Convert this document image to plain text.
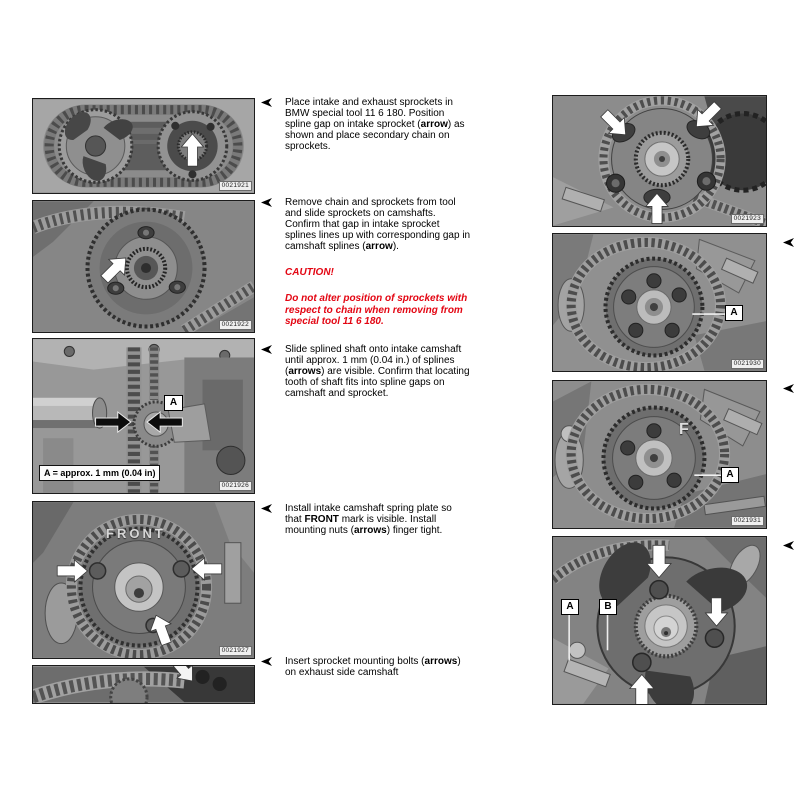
0021921
0021922
A
A = approx. 1 mm (0.04 in)
0021926
FRONT
0021927
Place intake and exhaust sprockets in BMW special tool 11 6 180. Position spline gap on intake sprocket (arrow) as shown and place secondary chain on sprockets.
Remove chain and sprockets from tool and slide sprockets on camshafts. Confirm that gap in intake sprocket splines lines up with corresponding gap in camshaft splines (arrow).
CAUTION!
Do not alter position of sprockets with respect to chain when removing from special tool 11 6 180.
Slide splined shaft onto intake camshaft until approx. 1 mm (0.04 in.) of splines (arrows) are visible. Confirm that locating tooth of shaft fits into spline gaps on camshaft and sprocket.
Install intake camshaft spring plate so that FRONT mark is visible. Install mounting nuts (arrows) finger tight.
Insert sprocket mounting bolts (arrows) on exhaust side camshaft
0021923
A
0021930
F
A
0021931
A	B
